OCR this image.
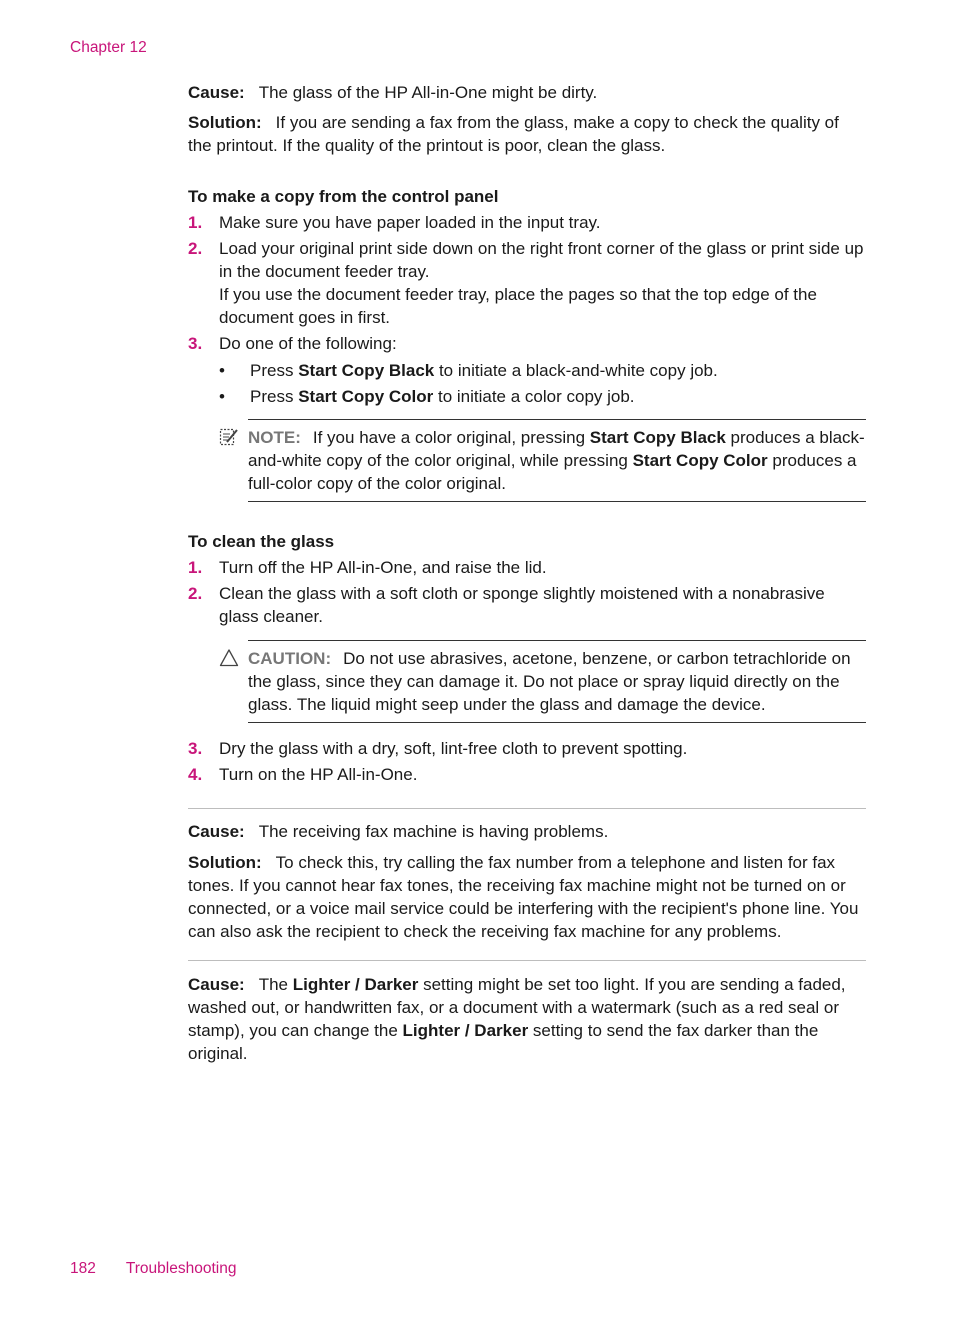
Chapter 12

Cause: The glass of the HP All-in-One might be dirty.

Solution: If you are sending a fax from the glass, make a copy to check the quality of the printout. If the quality of the printout is poor, clean the glass.

To make a copy from the control panel

1. Make sure you have paper loaded in the input tray.
2. Load your original print side down on the right front corner of the glass or print side up in the document feeder tray.
If you use the document feeder tray, place the pages so that the top edge of the document goes in first.
3. Do one of the following:
• Press Start Copy Black to initiate a black-and-white copy job.
• Press Start Copy Color to initiate a color copy job.
NOTE: If you have a color original, pressing Start Copy Black produces a black-and-white copy of the color original, while pressing Start Copy Color produces a full-color copy of the color original.

To clean the glass

1. Turn off the HP All-in-One, and raise the lid.
2. Clean the glass with a soft cloth or sponge slightly moistened with a nonabrasive glass cleaner.
CAUTION: Do not use abrasives, acetone, benzene, or carbon tetrachloride on the glass, since they can damage it. Do not place or spray liquid directly on the glass. The liquid might seep under the glass and damage the device.
3. Dry the glass with a dry, soft, lint-free cloth to prevent spotting.
4. Turn on the HP All-in-One.

Cause: The receiving fax machine is having problems.

Solution: To check this, try calling the fax number from a telephone and listen for fax tones. If you cannot hear fax tones, the receiving fax machine might not be turned on or connected, or a voice mail service could be interfering with the recipient's phone line. You can also ask the recipient to check the receiving fax machine for any problems.

Cause: The Lighter / Darker setting might be set too light. If you are sending a faded, washed out, or handwritten fax, or a document with a watermark (such as a red seal or stamp), you can change the Lighter / Darker setting to send the fax darker than the original.

182 Troubleshooting
